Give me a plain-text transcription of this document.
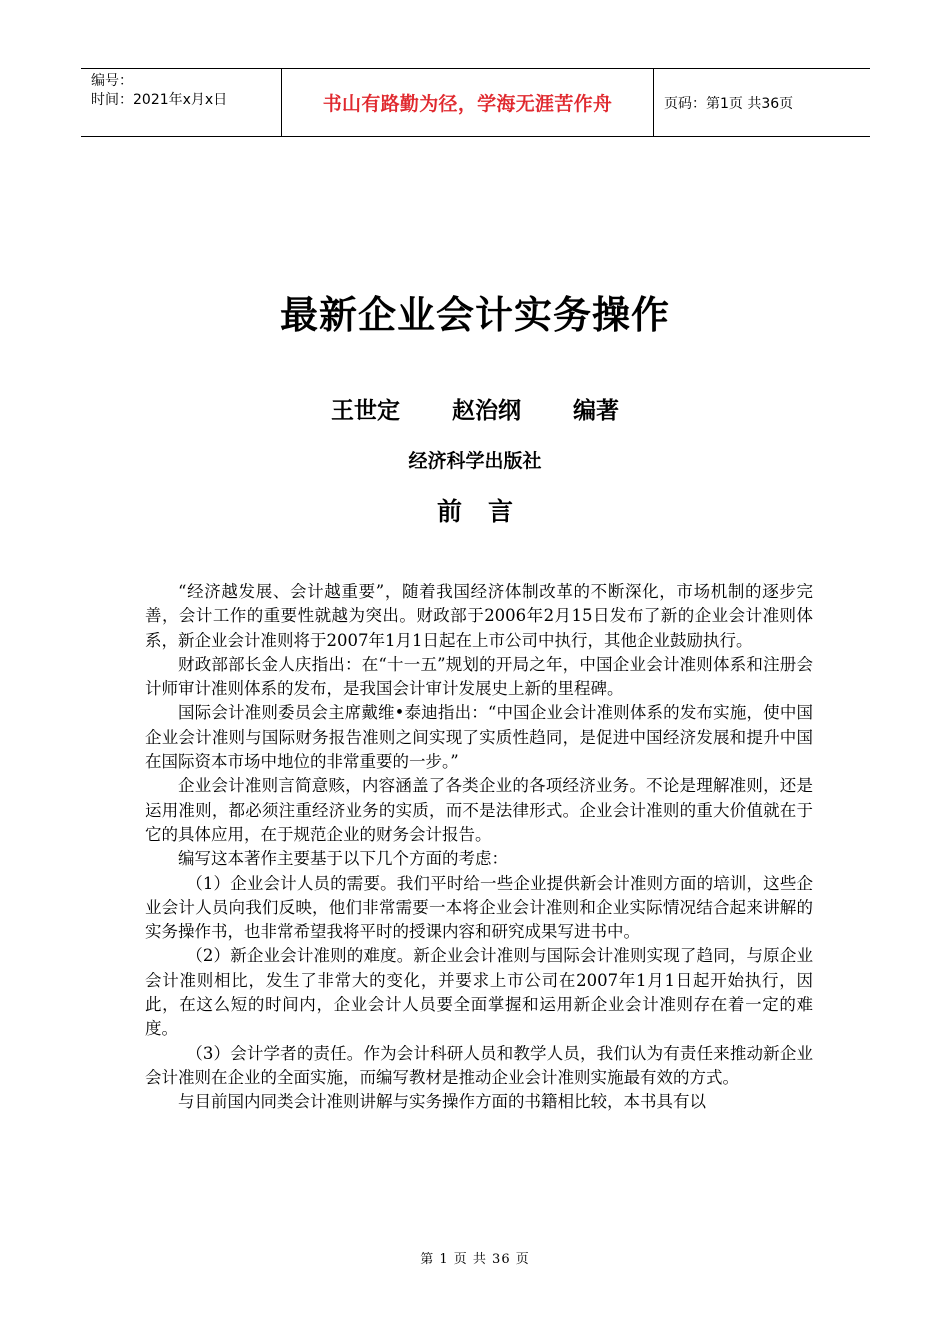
编号：
时间：2021年x月x日	书山有路勤为径，学海无涯苦作舟	页码：第1页 共36页
最新企业会计实务操作
王世定 赵治纲 编著
经济科学出版社
前   言

“经济越发展、会计越重要”，随着我国经济体制改革的不断深化，市场机制的逐步完善，会计工作的重要性就越为突出。财政部于2006年2月15日发布了新的企业会计准则体系，新企业会计准则将于2007年1月1日起在上市公司中执行，其他企业鼓励执行。

财政部部长金人庆指出：在“十一五”规划的开局之年，中国企业会计准则体系和注册会计师审计准则体系的发布，是我国会计审计发展史上新的里程碑。

国际会计准则委员会主席戴维•泰迪指出：“中国企业会计准则体系的发布实施，使中国企业会计准则与国际财务报告准则之间实现了实质性趋同，是促进中国经济发展和提升中国在国际资本市场中地位的非常重要的一步。”

企业会计准则言简意赅，内容涵盖了各类企业的各项经济业务。不论是理解准则，还是运用准则，都必须注重经济业务的实质，而不是法律形式。企业会计准则的重大价值就在于它的具体应用，在于规范企业的财务会计报告。

编写这本著作主要基于以下几个方面的考虑：

（1）企业会计人员的需要。我们平时给一些企业提供新会计准则方面的培训，这些企业会计人员向我们反映，他们非常需要一本将企业会计准则和企业实际情况结合起来讲解的实务操作书，也非常希望我将平时的授课内容和研究成果写进书中。

（2）新企业会计准则的难度。新企业会计准则与国际会计准则实现了趋同，与原企业会计准则相比，发生了非常大的变化，并要求上市公司在2007年1月1日起开始执行，因此，在这么短的时间内，企业会计人员要全面掌握和运用新企业会计准则存在着一定的难度。

（3）会计学者的责任。作为会计科研人员和教学人员，我们认为有责任来推动新企业会计准则在企业的全面实施，而编写教材是推动企业会计准则实施最有效的方式。

与目前国内同类会计准则讲解与实务操作方面的书籍相比较，本书具有以

第 1 页 共 36 页
